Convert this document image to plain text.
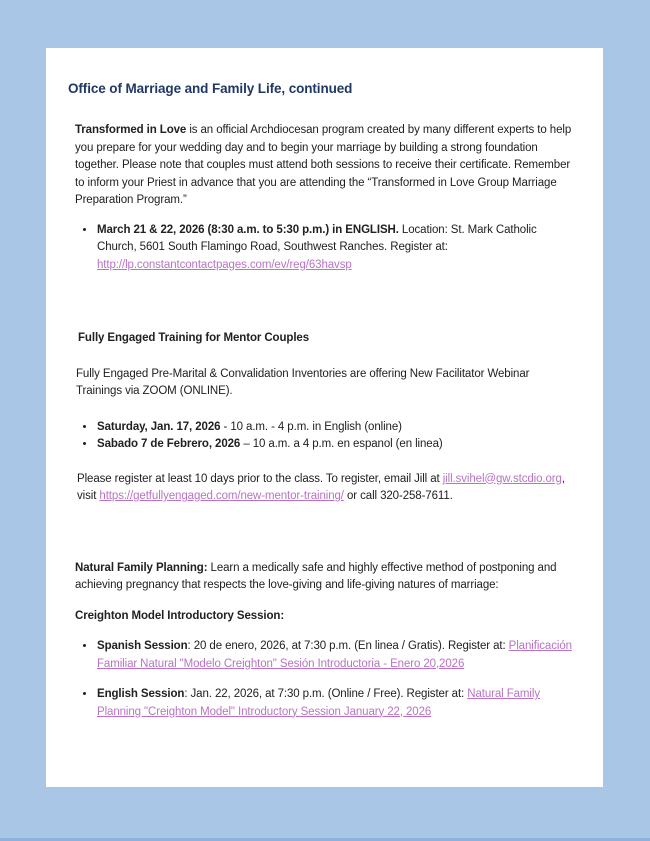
Office of Marriage and Family Life, continued

Transformed in Love is an official Archdiocesan program created by many different experts to help you prepare for your wedding day and to begin your marriage by building a strong foundation together. Please note that couples must attend both sessions to receive their certificate. Remember to inform your Priest in advance that you are attending the “Transformed in Love Group Marriage Preparation Program.”

• March 21 & 22, 2026 (8:30 a.m. to 5:30 p.m.) in ENGLISH. Location: St. Mark Catholic Church, 5601 South Flamingo Road, Southwest Ranches. Register at: http://lp.constantcontactpages.com/ev/reg/63havsp
Fully Engaged Training for Mentor Couples

Fully Engaged Pre-Marital & Convalidation Inventories are offering New Facilitator Webinar Trainings via ZOOM (ONLINE).

• Saturday, Jan. 17, 2026 - 10 a.m. - 4 p.m. in English (online)
• Sabado 7 de Febrero, 2026 – 10 a.m. a 4 p.m. en espanol (en linea)

Please register at least 10 days prior to the class. To register, email Jill at jill.svihel@gw.stcdio.org, visit https://getfullyengaged.com/new-mentor-training/ or call 320-258-7611.

Natural Family Planning: Learn a medically safe and highly effective method of postponing and achieving pregnancy that respects the love-giving and life-giving natures of marriage:

Creighton Model Introductory Session:
• Spanish Session: 20 de enero, 2026, at 7:30 p.m. (En linea / Gratis). Register at: Planificación Familiar Natural "Modelo Creighton" Sesión Introductoria - Enero 20,2026
• English Session: Jan. 22, 2026, at 7:30 p.m. (Online / Free). Register at: Natural Family Planning "Creighton Model" Introductory Session January 22, 2026
